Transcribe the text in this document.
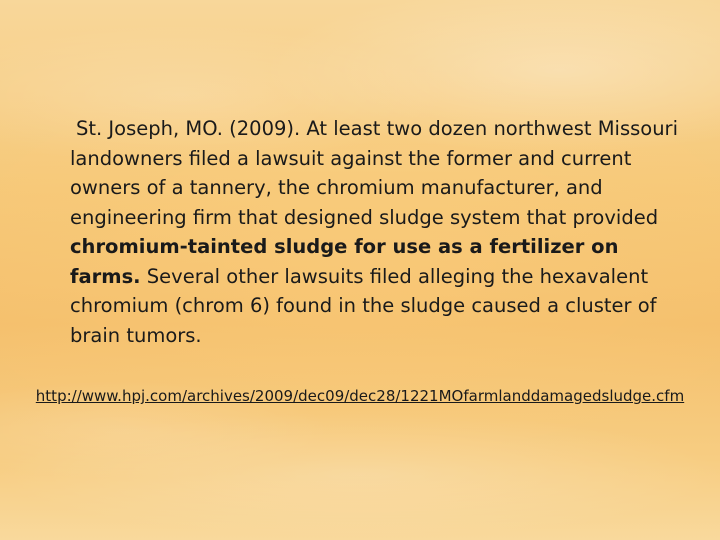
St. Joseph, MO. (2009). At least two dozen northwest Missouri landowners filed a lawsuit against the former and current owners of a tannery, the chromium manufacturer, and engineering firm that designed sludge system that provided chromium-tainted sludge for use as a fertilizer on farms. Several other lawsuits filed alleging the hexavalent chromium (chrom 6) found in the sludge caused a cluster of brain tumors.

http://www.hpj.com/archives/2009/dec09/dec28/1221MOfarmlanddamagedsludge.cfm
